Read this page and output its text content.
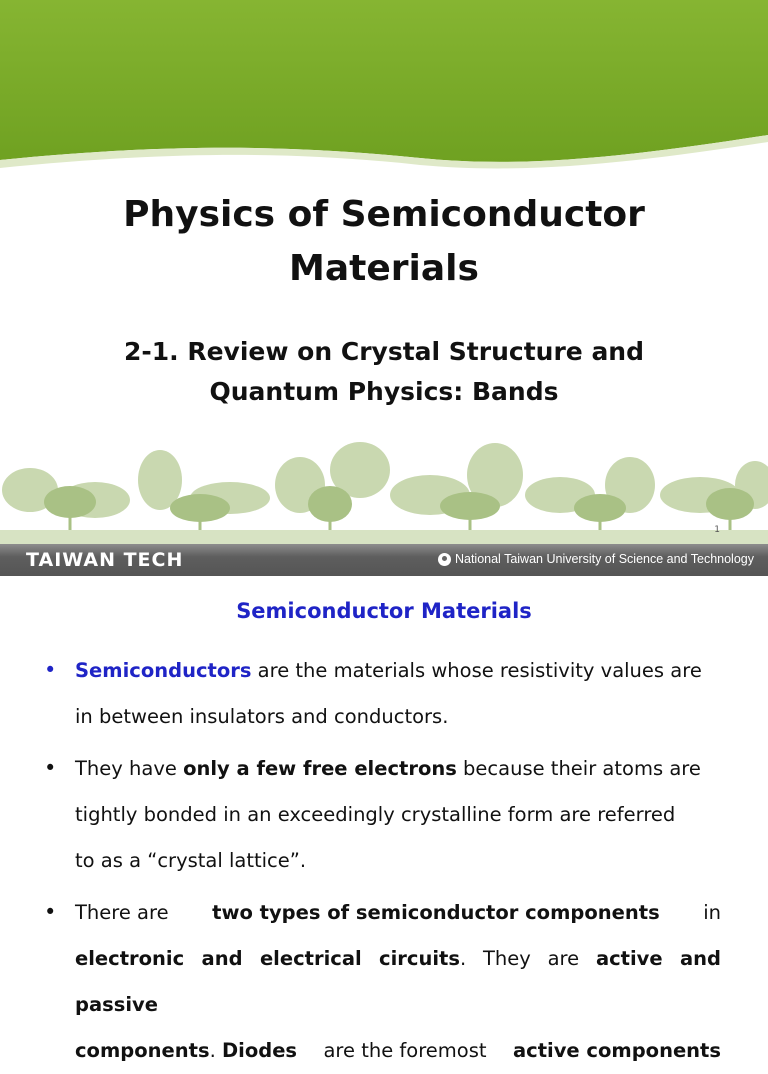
Physics of Semiconductor
Materials
2-1. Review on Crystal Structure and
Quantum Physics: Bands
1
TAIWAN TECH	National Taiwan University of Science and Technology
Semiconductor Materials
• Semiconductors are the materials whose resistivity values are
in between insulators and conductors.
• They have only a few free electrons because their atoms are
tightly bonded in an exceedingly crystalline form are referred
to as a “crystal lattice”.
• There are two types of semiconductor components in
electronic and electrical circuits. They are active and passive
components. Diodes are the foremost active components
